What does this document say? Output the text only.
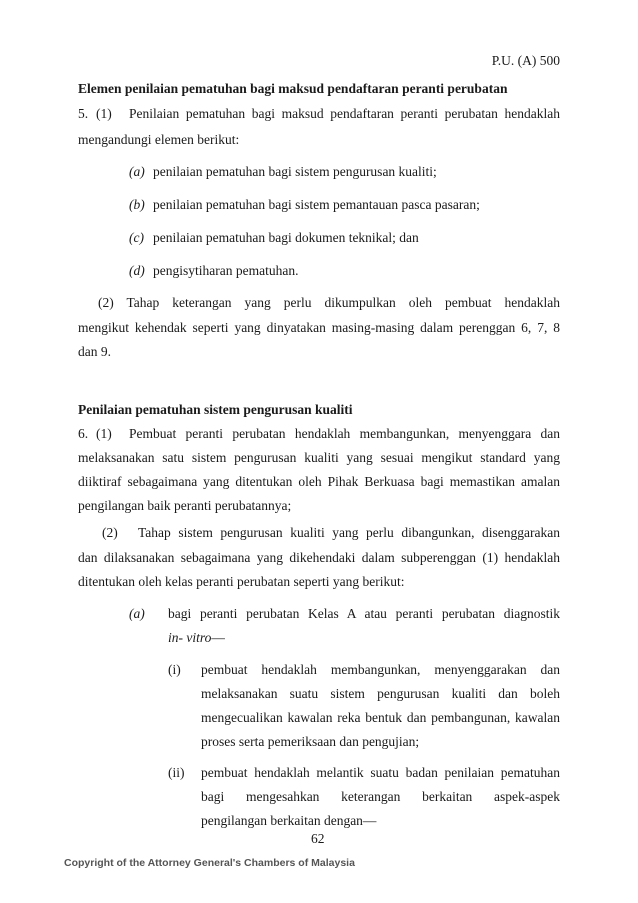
P.U. (A) 500
Elemen penilaian pematuhan bagi maksud pendaftaran peranti perubatan
5. (1) Penilaian pematuhan bagi maksud pendaftaran peranti perubatan hendaklah
mengandungi elemen berikut:
(a) penilaian pematuhan bagi sistem pengurusan kualiti;
(b) penilaian pematuhan bagi sistem pemantauan pasca pasaran;
(c) penilaian pematuhan bagi dokumen teknikal; dan
(d) pengisytiharan pematuhan.
(2) Tahap keterangan yang perlu dikumpulkan oleh pembuat hendaklah
mengikut kehendak seperti yang dinyatakan masing-masing dalam perenggan 6, 7, 8
dan 9.
Penilaian pematuhan sistem pengurusan kualiti
6. (1) Pembuat peranti perubatan hendaklah membangunkan, menyenggara dan
melaksanakan satu sistem pengurusan kualiti yang sesuai mengikut standard yang
diiktiraf sebagaimana yang ditentukan oleh Pihak Berkuasa bagi memastikan amalan
pengilangan baik peranti perubatannya;
(2) Tahap sistem pengurusan kualiti yang perlu dibangunkan, disenggarakan
dan dilaksanakan sebagaimana yang dikehendaki dalam subperenggan (1) hendaklah
ditentukan oleh kelas peranti perubatan seperti yang berikut:
(a) bagi peranti perubatan Kelas A atau peranti perubatan diagnostik
in- vitro—
(i) pembuat hendaklah membangunkan, menyenggarakan dan
melaksanakan suatu sistem pengurusan kualiti dan boleh
mengecualikan kawalan reka bentuk dan pembangunan, kawalan
proses serta pemeriksaan dan pengujian;
(ii) pembuat hendaklah melantik suatu badan penilaian pematuhan
bagi mengesahkan keterangan berkaitan aspek-aspek
pengilangan berkaitan dengan—
62
Copyright of the Attorney General's Chambers of Malaysia
